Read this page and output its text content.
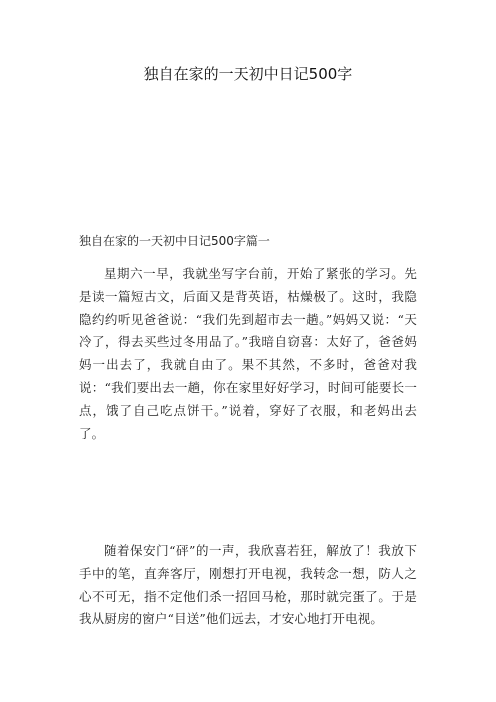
独自在家的一天初中日记500字
独自在家的一天初中日记500字篇一

星期六一早，我就坐写字台前，开始了紧张的学习。先是读一篇短古文，后面又是背英语，枯燥极了。这时，我隐隐约约听见爸爸说：“我们先到超市去一趟。”妈妈又说：“天冷了，得去买些过冬用品了。”我暗自窃喜：太好了，爸爸妈妈一出去了，我就自由了。果不其然，不多时，爸爸对我说：“我们要出去一趟，你在家里好好学习，时间可能要长一点，饿了自己吃点饼干。”说着，穿好了衣服，和老妈出去了。

随着保安门“砰”的一声，我欣喜若狂，解放了！我放下手中的笔，直奔客厅，刚想打开电视，我转念一想，防人之心不可无，指不定他们杀一招回马枪，那时就完蛋了。于是我从厨房的窗户“目送”他们远去，才安心地打开电视。
